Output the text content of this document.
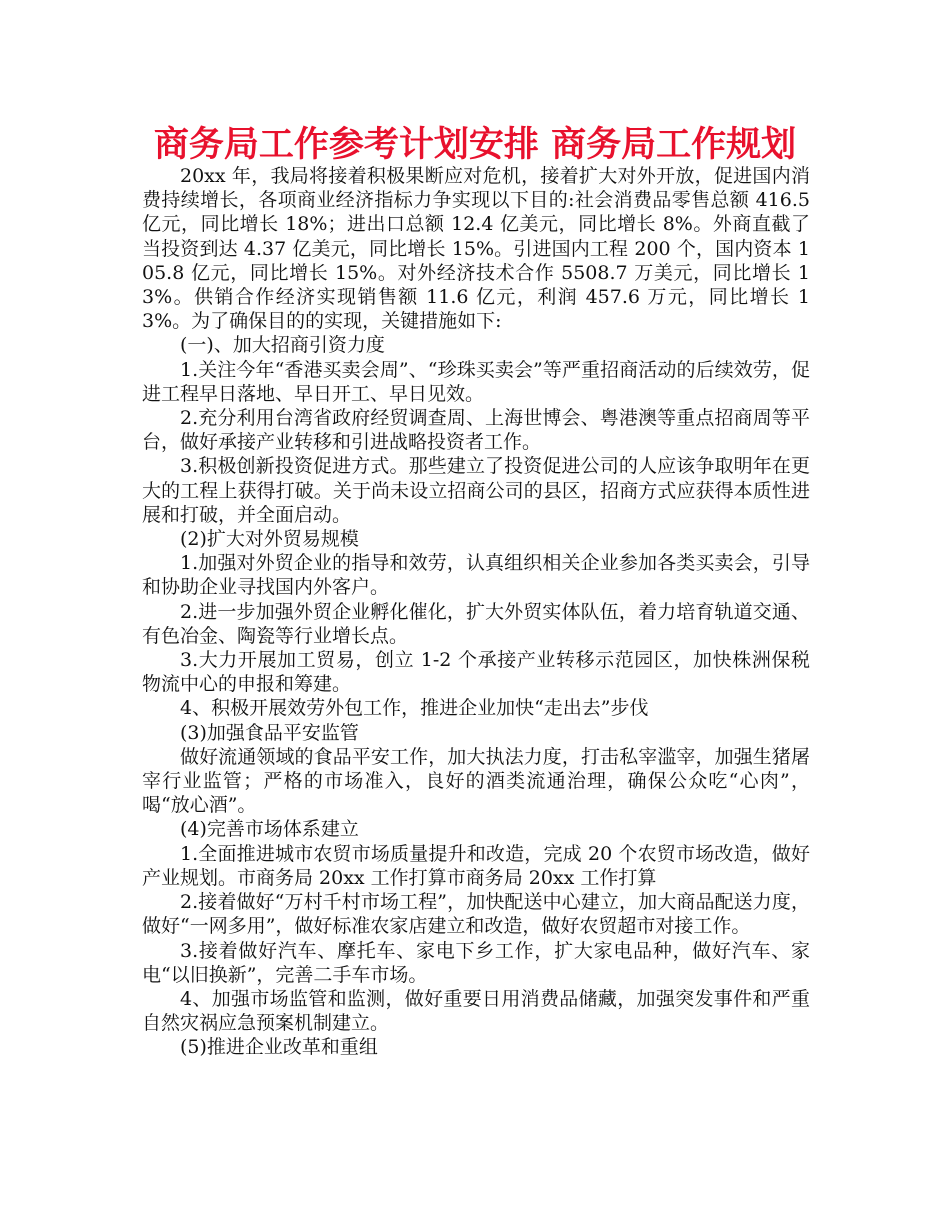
商务局工作参考计划安排 商务局工作规划

20xx 年，我局将接着积极果断应对危机，接着扩大对外开放，促进国内消费持续增长，各项商业经济指标力争实现以下目的:社会消费品零售总额 416.5 亿元，同比增长 18%；进出口总额 12.4 亿美元，同比增长 8%。外商直截了当投资到达 4.37 亿美元，同比增长 15%。引进国内工程 200 个，国内资本 105.8 亿元，同比增长 15%。对外经济技术合作 5508.7 万美元，同比增长 13%。供销合作经济实现销售额 11.6 亿元，利润 457.6 万元，同比增长 13%。为了确保目的的实现，关键措施如下:

(一)、加大招商引资力度

1.关注今年“香港买卖会周”、“珍珠买卖会”等严重招商活动的后续效劳，促进工程早日落地、早日开工、早日见效。

2.充分利用台湾省政府经贸调查周、上海世博会、粤港澳等重点招商周等平台，做好承接产业转移和引进战略投资者工作。

3.积极创新投资促进方式。那些建立了投资促进公司的人应该争取明年在更大的工程上获得打破。关于尚未设立招商公司的县区，招商方式应获得本质性进展和打破，并全面启动。

(2)扩大对外贸易规模

1.加强对外贸企业的指导和效劳，认真组织相关企业参加各类买卖会，引导和协助企业寻找国内外客户。

2.进一步加强外贸企业孵化催化，扩大外贸实体队伍，着力培育轨道交通、有色冶金、陶瓷等行业增长点。

3.大力开展加工贸易，创立 1-2 个承接产业转移示范园区，加快株洲保税物流中心的申报和筹建。

4、积极开展效劳外包工作，推进企业加快“走出去”步伐

(3)加强食品平安监管

做好流通领域的食品平安工作，加大执法力度，打击私宰滥宰，加强生猪屠宰行业监管；严格的市场准入，良好的酒类流通治理，确保公众吃“心肉”，喝“放心酒”。

(4)完善市场体系建立

1.全面推进城市农贸市场质量提升和改造，完成 20 个农贸市场改造，做好产业规划。市商务局 20xx 工作打算市商务局 20xx 工作打算

2.接着做好“万村千村市场工程”，加快配送中心建立，加大商品配送力度，做好“一网多用”，做好标准农家店建立和改造，做好农贸超市对接工作。

3.接着做好汽车、摩托车、家电下乡工作，扩大家电品种，做好汽车、家电“以旧换新”，完善二手车市场。

4、加强市场监管和监测，做好重要日用消费品储藏，加强突发事件和严重自然灾祸应急预案机制建立。

(5)推进企业改革和重组
